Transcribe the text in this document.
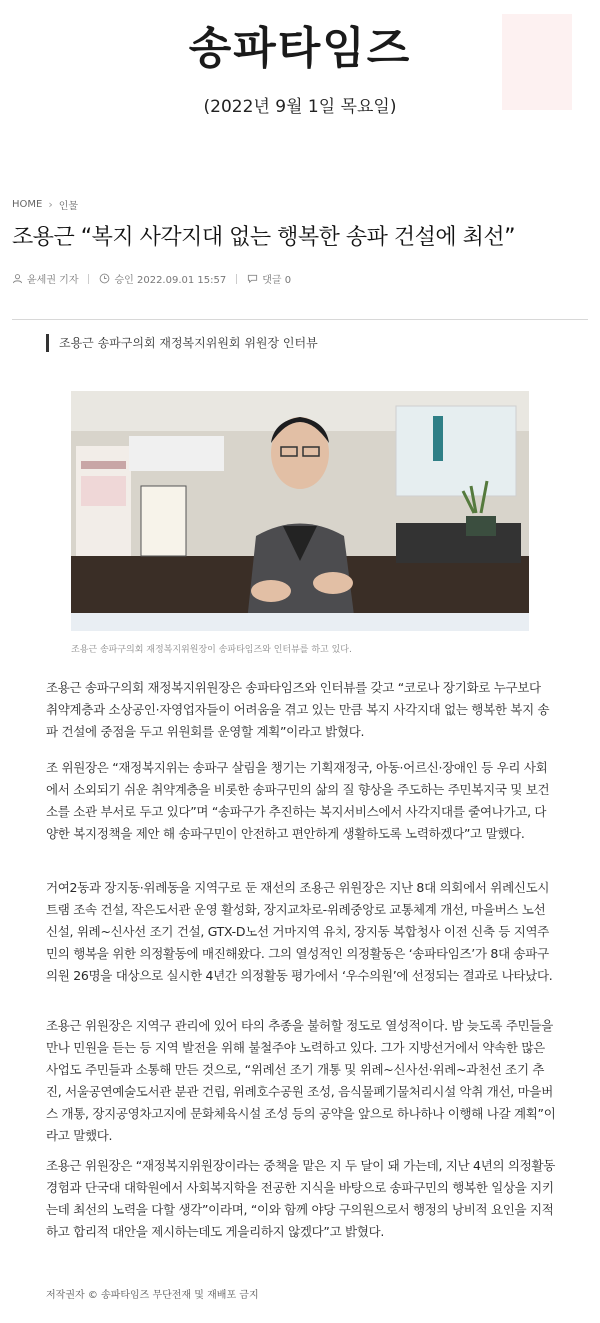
송파타임즈
(2022년 9월 1일 목요일)
HOME › 인물
조용근 “복지 사각지대 없는 행복한 송파 건설에 최선”
윤세권 기자	승인 2022.09.01 15:57	댓글 0
조용근 송파구의회 재정복지위원회 위원장 인터뷰
조용근 송파구의회 재정복지위원장이 송파타임즈와 인터뷰를 하고 있다.

조용근 송파구의회 재정복지위원장은 송파타임즈와 인터뷰를 갖고 “코로나 장기화로 누구보다 취약계층과 소상공인·자영업자들이 어려움을 겪고 있는 만큼 복지 사각지대 없는 행복한 복지 송파 건설에 중점을 두고 위원회를 운영할 계획”이라고 밝혔다.

조 위원장은 “재정복지위는 송파구 살림을 챙기는 기획재정국, 아동·어르신·장애인 등 우리 사회에서 소외되기 쉬운 취약계층을 비롯한 송파구민의 삶의 질 향상을 주도하는 주민복지국 및 보건소를 소관 부서로 두고 있다”며 “송파구가 추진하는 복지서비스에서 사각지대를 줄여나가고, 다양한 복지정책을 제안 해 송파구민이 안전하고 편안하게 생활하도록 노력하겠다”고 말했다.

거여2동과 장지동·위례동을 지역구로 둔 재선의 조용근 위원장은 지난 8대 의회에서 위례신도시 트램 조속 건설, 작은도서관 운영 활성화, 장지교차로-위례중앙로 교통체계 개선, 마을버스 노선 신설, 위례~신사선 조기 건설, GTX-D노선 거마지역 유치, 장지동 복합청사 이전 신축 등 지역주민의 행복을 위한 의정활동에 매진해왔다. 그의 열성적인 의정활동은 ‘송파타임즈’가 8대 송파구의원 26명을 대상으로 실시한 4년간 의정활동 평가에서 ‘우수의원’에 선정되는 결과로 나타났다.

조용근 위원장은 지역구 관리에 있어 타의 추종을 불허할 정도로 열성적이다. 밤 늦도록 주민들을 만나 민원을 듣는 등 지역 발전을 위해 불철주야 노력하고 있다. 그가 지방선거에서 약속한 많은 사업도 주민들과 소통해 만든 것으로, “위례선 조기 개통 및 위례~신사선·위례~과천선 조기 추진, 서울공연예술도서관 분관 건립, 위례호수공원 조성, 음식물폐기물처리시설 악취 개선, 마을버스 개통, 장지공영차고지에 문화체육시설 조성 등의 공약을 앞으로 하나하나 이행해 나갈 계획”이라고 말했다.

조용근 위원장은 “재정복지위원장이라는 중책을 맡은 지 두 달이 돼 가는데, 지난 4년의 의정활동 경험과 단국대 대학원에서 사회복지학을 전공한 지식을 바탕으로 송파구민의 행복한 일상을 지키는데 최선의 노력을 다할 생각”이라며, “이와 함께 야당 구의원으로서 행정의 낭비적 요인을 지적하고 합리적 대안을 제시하는데도 게을리하지 않겠다”고 밝혔다.

저작권자 © 송파타임즈 무단전재 및 재배포 금지
